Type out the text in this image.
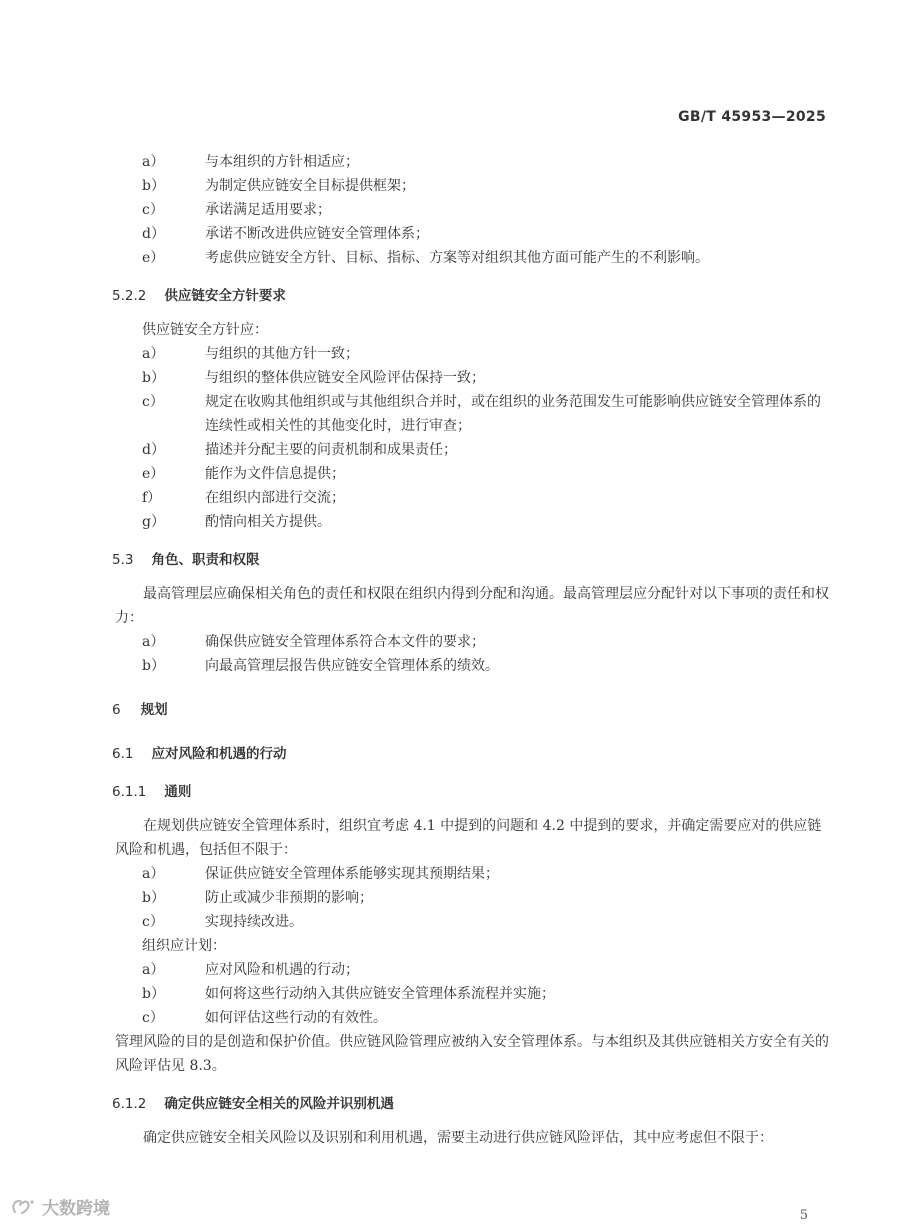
GB/T 45953—2025
a）	与本组织的方针相适应；
b）	为制定供应链安全目标提供框架；
c）	承诺满足适用要求；
d）	承诺不断改进供应链安全管理体系；
e）	考虑供应链安全方针、目标、指标、方案等对组织其他方面可能产生的不利影响。

5.2.2 供应链安全方针要求

供应链安全方针应：

a）	与组织的其他方针一致；
b）	与组织的整体供应链安全风险评估保持一致；
c）	规定在收购其他组织或与其他组织合并时，或在组织的业务范围发生可能影响供应链安全管理体系的连续性或相关性的其他变化时，进行审查；
d）	描述并分配主要的问责机制和成果责任；
e）	能作为文件信息提供；
f）	在组织内部进行交流；
g）	酌情向相关方提供。

5.3 角色、职责和权限

最高管理层应确保相关角色的责任和权限在组织内得到分配和沟通。最高管理层应分配针对以下事项的责任和权力：

a）	确保供应链安全管理体系符合本文件的要求；
b）	向最高管理层报告供应链安全管理体系的绩效。

6 规划

6.1 应对风险和机遇的行动

6.1.1 通则

在规划供应链安全管理体系时，组织宜考虑 4.1 中提到的问题和 4.2 中提到的要求，并确定需要应对的供应链风险和机遇，包括但不限于：

a）	保证供应链安全管理体系能够实现其预期结果；
b）	防止或减少非预期的影响；
c）	实现持续改进。

组织应计划：

a）	应对风险和机遇的行动；
b）	如何将这些行动纳入其供应链安全管理体系流程并实施；
c）	如何评估这些行动的有效性。

管理风险的目的是创造和保护价值。供应链风险管理应被纳入安全管理体系。与本组织及其供应链相关方安全有关的风险评估见 8.3。

6.1.2 确定供应链安全相关的风险并识别机遇

确定供应链安全相关风险以及识别和利用机遇，需要主动进行供应链风险评估，其中应考虑但不限于：

大数跨境	5
